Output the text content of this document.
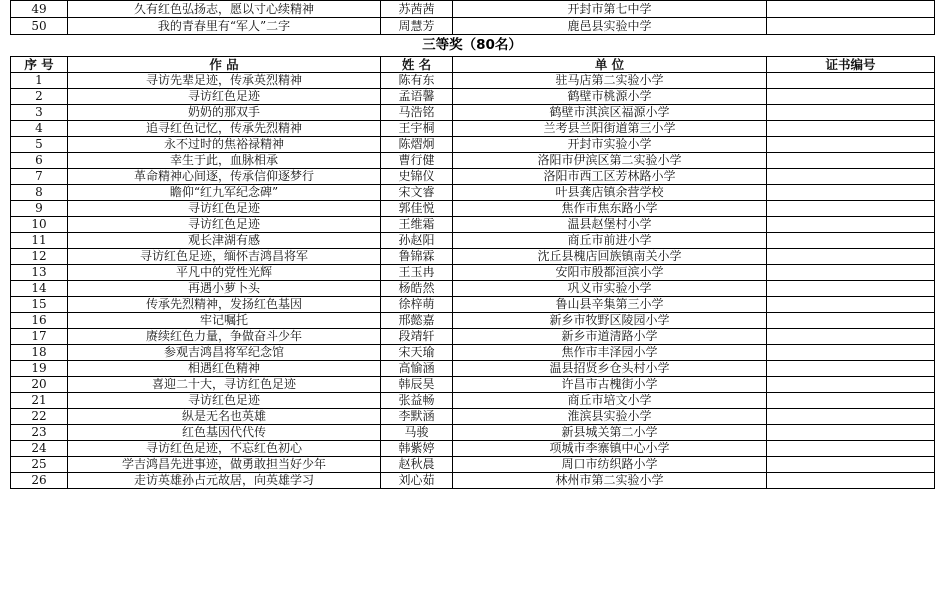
49	久有红色弘扬志，愿以寸心续精神	苏茜茜	开封市第七中学	
50	我的青春里有“军人”二字	周慧芳	鹿邑县实验中学	
三等奖（80名）
序 号	作 品	姓 名	单 位	证书编号
1	寻访先辈足迹，传承英烈精神	陈有东	驻马店第二实验小学	
2	寻访红色足迹	孟语馨	鹤壁市桃源小学	
3	奶奶的那双手	马浩铭	鹤壁市淇滨区福源小学	
4	追寻红色记忆，传承先烈精神	王宇桐	兰考县兰阳街道第三小学	
5	永不过时的焦裕禄精神	陈熠炯	开封市实验小学	
6	幸生于此，血脉相承	曹行健	洛阳市伊滨区第二实验小学	
7	革命精神心间逐，传承信仰逐梦行	史锦仪	洛阳市西工区芳林路小学	
8	瞻仰“红九军纪念碑”	宋文睿	叶县龚店镇余营学校	
9	寻访红色足迹	郭佳悦	焦作市焦东路小学	
10	寻访红色足迹	王维霜	温县赵堡村小学	
11	观长津湖有感	孙赵阳	商丘市前进小学	
12	寻访红色足迹，缅怀吉鸿昌将军	鲁锦霖	沈丘县槐店回族镇南关小学	
13	平凡中的党性光辉	王玉冉	安阳市殷都洹滨小学	
14	再遇小萝卜头	杨皓然	巩义市实验小学	
15	传承先烈精神，发扬红色基因	徐梓萌	鲁山县辛集第三小学	
16	牢记嘱托	邢懿嘉	新乡市牧野区陵园小学	
17	赓续红色力量，争做奋斗少年	段靖轩	新乡市道清路小学	
18	参观吉鸿昌将军纪念馆	宋天瑜	焦作市丰泽园小学	
19	相遇红色精神	高愉涵	温县招贤乡仓头村小学	
20	喜迎二十大，寻访红色足迹	韩辰昊	许昌市古槐街小学	
21	寻访红色足迹	张益畅	商丘市培文小学	
22	纵是无名也英雄	李默涵	淮滨县实验小学	
23	红色基因代代传	马骏	新县城关第二小学	
24	寻访红色足迹，不忘红色初心	韩紫婷	项城市李寨镇中心小学	
25	学吉鸿昌先进事迹，做勇敢担当好少年	赵秋晨	周口市纺织路小学	
26	走访英雄孙占元故居，向英雄学习	刘心茹	林州市第二实验小学	
